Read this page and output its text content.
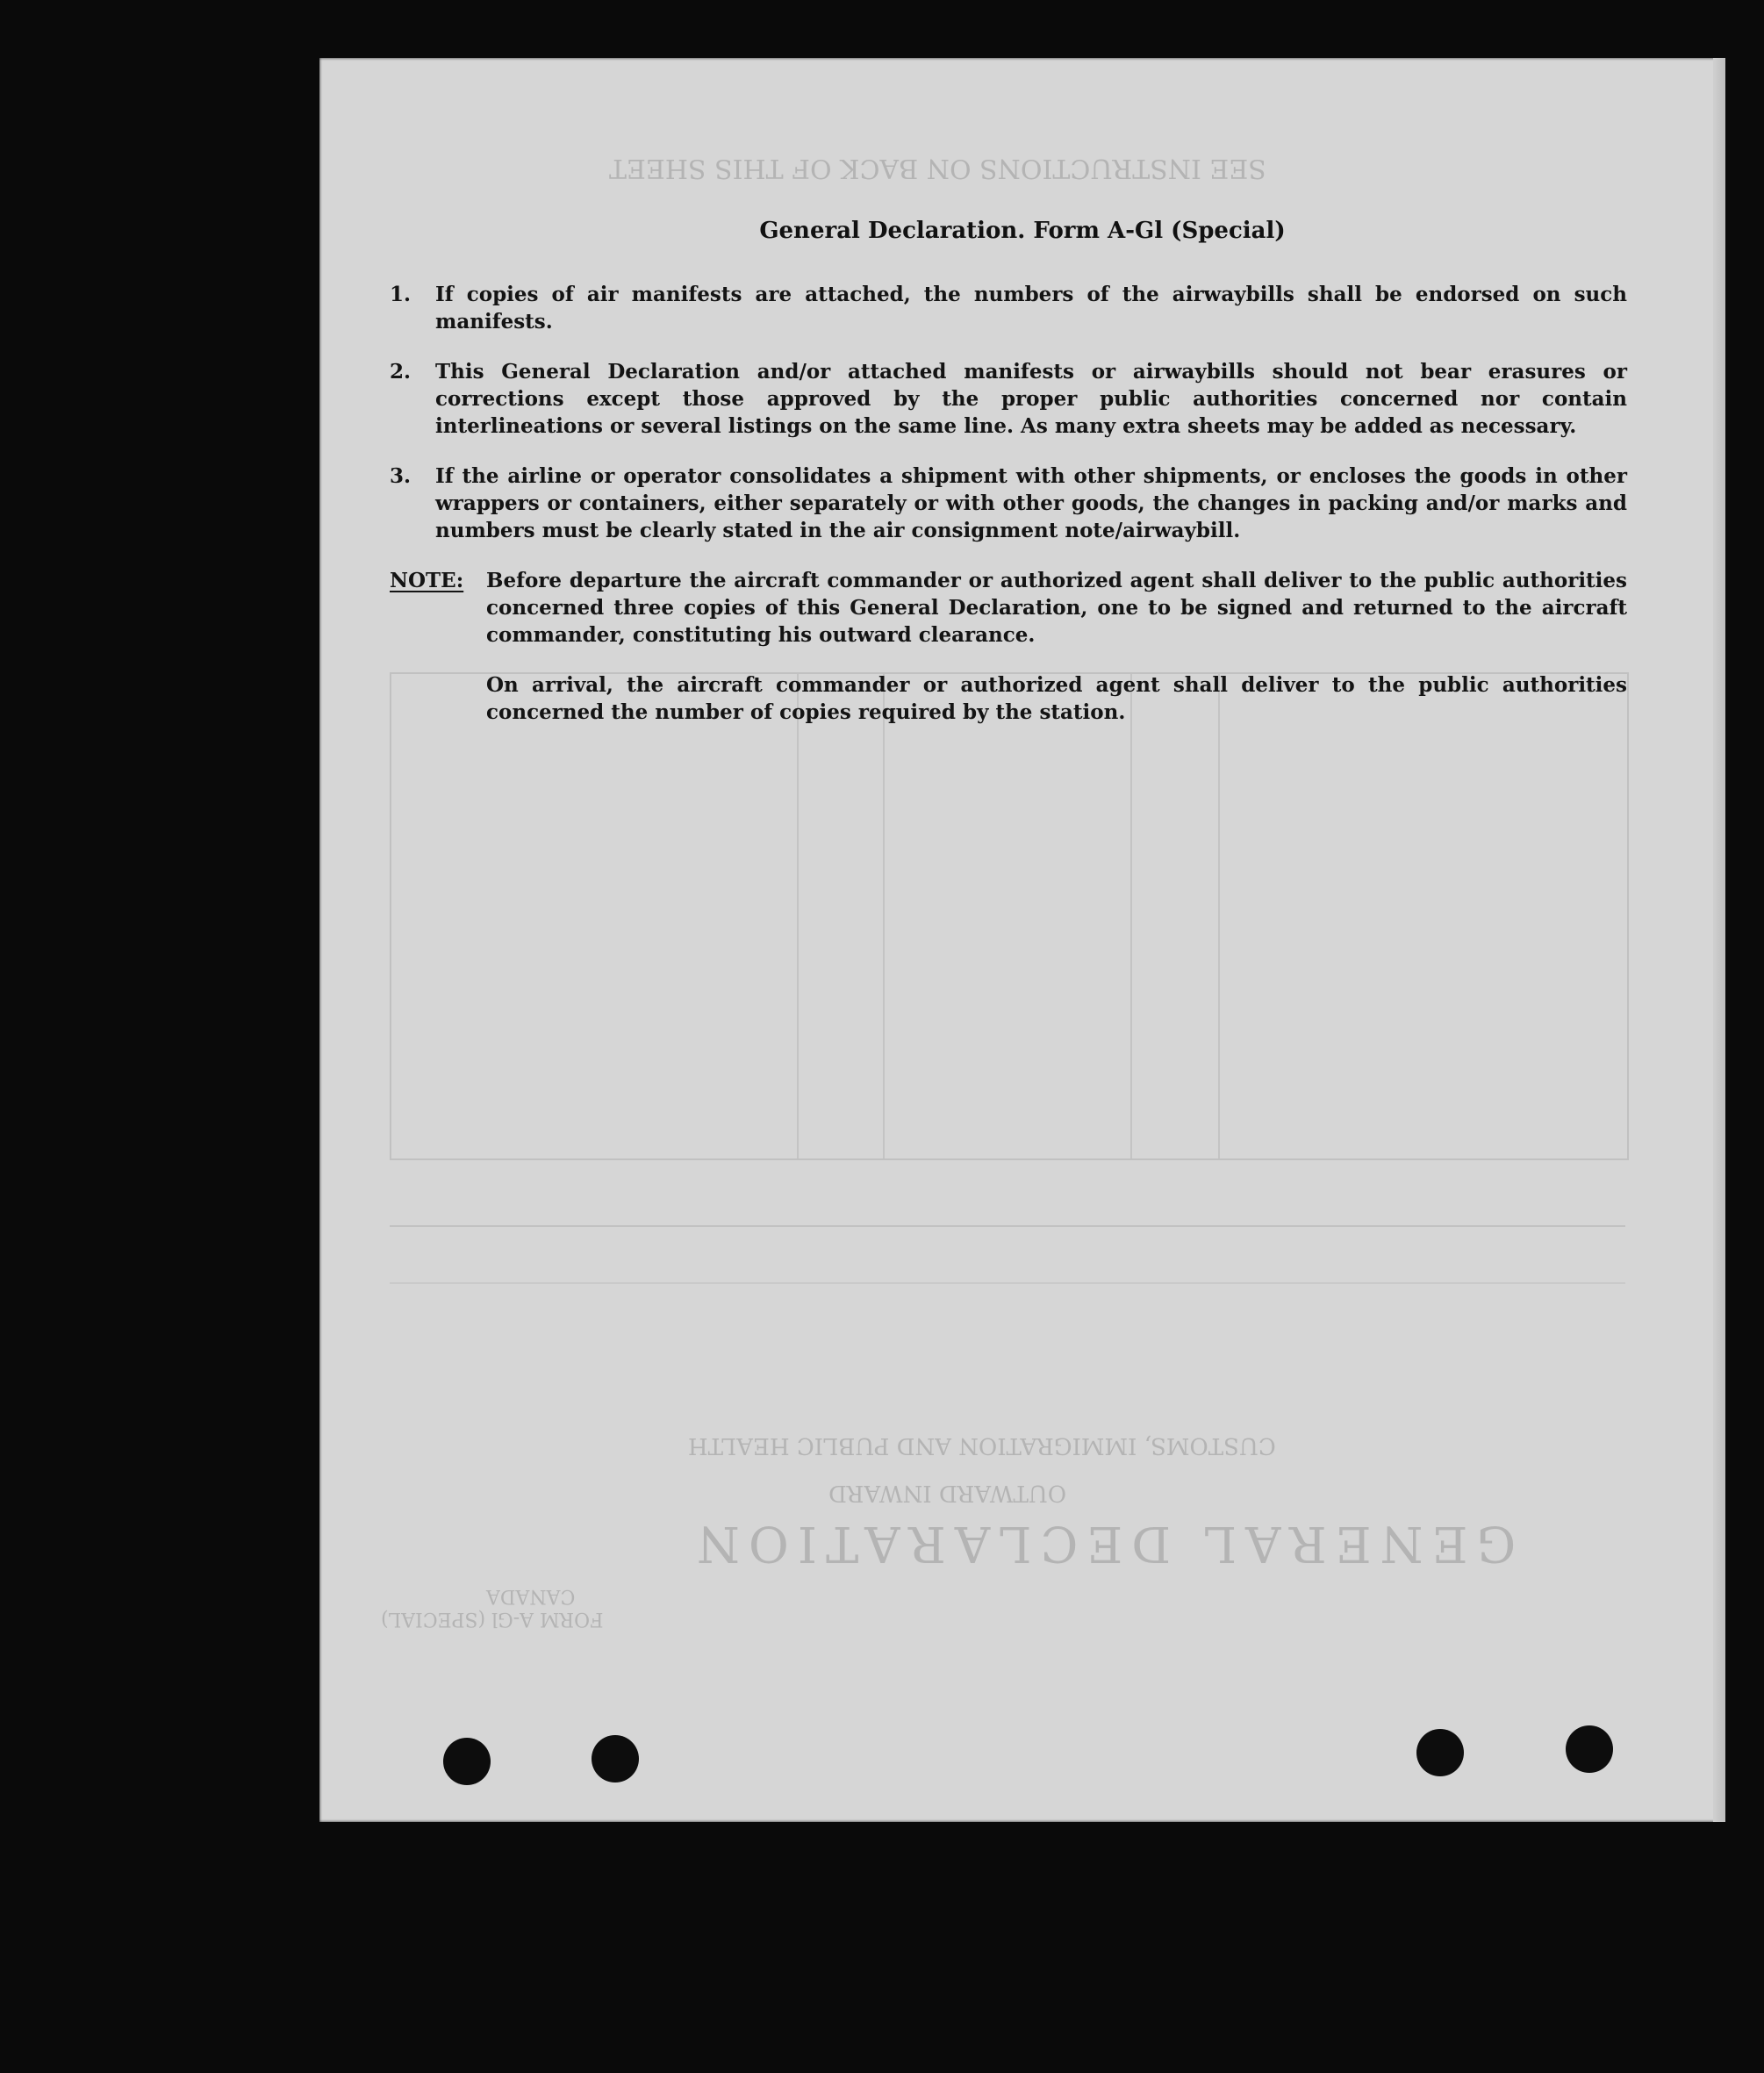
SEE INSTRUCTIONS ON BACK OF THIS SHEET
GENERAL DECLARATION
OUTWARD INWARD
CUSTOMS, IMMIGRATION AND PUBLIC HEALTH
FORM A-Gl (SPECIAL)
CANADA
General Declaration. Form A-Gl (Special)
1.	If copies of air manifests are attached, the numbers of the airwaybills shall be endorsed on such manifests.
2.	This General Declaration and/or attached manifests or airwaybills should not bear erasures or corrections except those approved by the proper public authorities concerned nor contain interlineations or several listings on the same line. As many extra sheets may be added as necessary.
3.	If the airline or operator consolidates a shipment with other shipments, or encloses the goods in other wrappers or containers, either separately or with other goods, the changes in packing and/or marks and numbers must be clearly stated in the air consignment note/airwaybill.
NOTE:	Before departure the aircraft commander or authorized agent shall deliver to the public authorities concerned three copies of this General Declaration, one to be signed and returned to the aircraft commander, constituting his outward clearance.

On arrival, the aircraft commander or authorized agent shall deliver to the public authorities concerned the number of copies required by the station.
